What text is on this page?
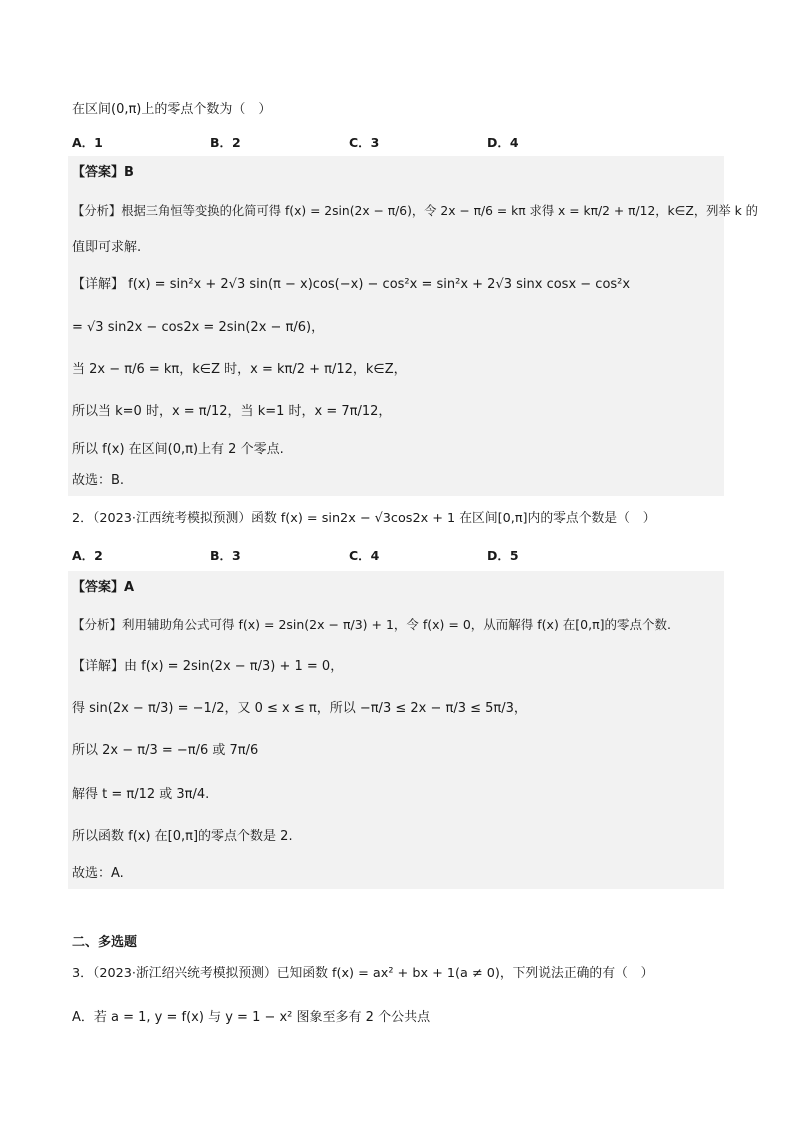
在区间(0,π)上的零点个数为（　）
A．1	B．2	C．3	D．4
【答案】B
【分析】根据三角恒等变换的化简可得 f(x) = 2sin(2x − π/6)，令 2x − π/6 = kπ 求得 x = kπ/2 + π/12，k∈Z，列举 k 的
值即可求解.
【详解】 f(x) = sin²x + 2√3 sin(π − x)cos(−x) − cos²x = sin²x + 2√3 sinx cosx − cos²x
= √3 sin2x − cos2x = 2sin(2x − π/6)，
当 2x − π/6 = kπ，k∈Z 时，x = kπ/2 + π/12，k∈Z，
所以当 k=0 时，x = π/12，当 k=1 时，x = 7π/12，
所以 f(x) 在区间(0,π)上有 2 个零点.
故选：B.
2．（2023·江西统考模拟预测）函数 f(x) = sin2x − √3cos2x + 1 在区间[0,π]内的零点个数是（　）
A．2	B．3	C．4	D．5
【答案】A
【分析】利用辅助角公式可得 f(x) = 2sin(2x − π/3) + 1，令 f(x) = 0，从而解得 f(x) 在[0,π]的零点个数.
【详解】由 f(x) = 2sin(2x − π/3) + 1 = 0，
得 sin(2x − π/3) = −1/2，又 0 ≤ x ≤ π，所以 −π/3 ≤ 2x − π/3 ≤ 5π/3，
所以 2x − π/3 = −π/6 或 7π/6
解得 t = π/12 或 3π/4.
所以函数 f(x) 在[0,π]的零点个数是 2.
故选：A.
二、多选题
3．（2023·浙江绍兴统考模拟预测）已知函数 f(x) = ax² + bx + 1(a ≠ 0)，下列说法正确的有（　）
A．若 a = 1, y = f(x) 与 y = 1 − x² 图象至多有 2 个公共点
